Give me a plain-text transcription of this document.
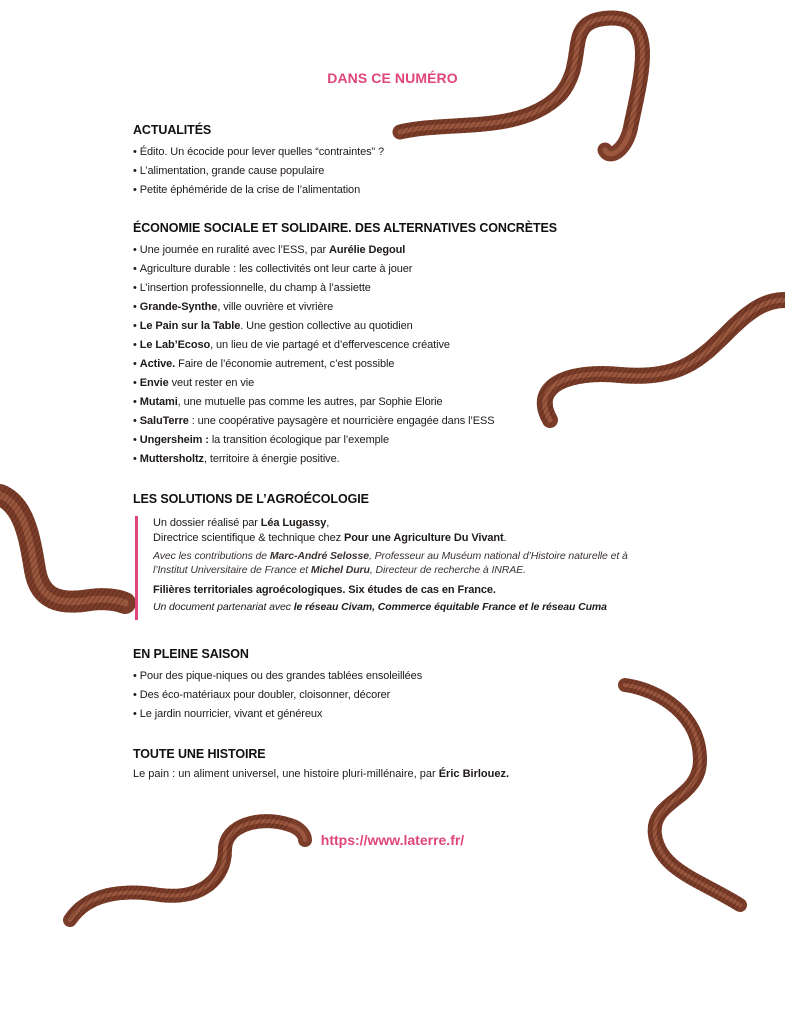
DANS CE NUMÉRO
ACTUALITÉS
• Édito. Un écocide pour lever quelles “contraintes” ?
• L’alimentation, grande cause populaire
• Petite éphéméride de la crise de l’alimentation
ÉCONOMIE SOCIALE ET SOLIDAIRE. DES ALTERNATIVES CONCRÈTES
• Une journée en ruralité avec l’ESS, par Aurélie Degoul
• Agriculture durable : les collectivités ont leur carte à jouer
• L’insertion professionnelle, du champ à l’assiette
• Grande-Synthe, ville ouvrière et vivrière
• Le Pain sur la Table. Une gestion collective au quotidien
• Le Lab’Ecoso, un lieu de vie partagé et d’effervescence créative
• Active. Faire de l’économie autrement, c’est possible
• Envie veut rester en vie
• Mutami, une mutuelle pas comme les autres, par Sophie Elorie
• SaluTerre : une coopérative paysagère et nourricière engagée dans l’ESS
• Ungersheim : la transition écologique par l’exemple
• Muttersholtz, territoire à énergie positive.
LES SOLUTIONS DE L’AGROÉCOLOGIE

Un dossier réalisé par Léa Lugassy,

Directrice scientifique & technique chez Pour une Agriculture Du Vivant.

Avec les contributions de Marc-André Selosse, Professeur au Muséum national d’Histoire naturelle et à l’Institut Universitaire de France et Michel Duru, Directeur de recherche à INRAE.

Filières territoriales agroécologiques. Six études de cas en France.

Un document partenariat avec le réseau Civam, Commerce équitable France et le réseau Cuma

EN PLEINE SAISON
• Pour des pique-niques ou des grandes tablées ensoleillées
• Des éco-matériaux pour doubler, cloisonner, décorer
• Le jardin nourricier, vivant et généreux
TOUTE UNE HISTOIRE

Le pain : un aliment universel, une histoire pluri-millénaire, par Éric Birlouez.

https://www.laterre.fr/
